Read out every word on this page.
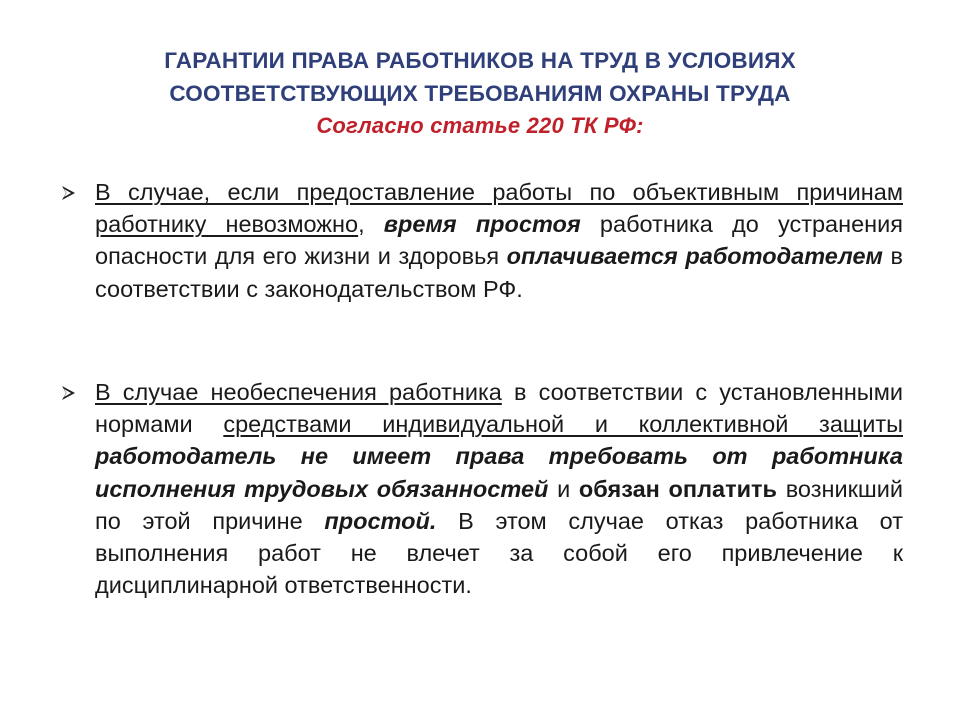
ГАРАНТИИ ПРАВА РАБОТНИКОВ НА ТРУД В УСЛОВИЯХ
СООТВЕТСТВУЮЩИХ ТРЕБОВАНИЯМ ОХРАНЫ ТРУДА
Согласно статье 220 ТК РФ:

В случае, если предоставление работы по объективным причинам работнику невозможно, время простоя работника до устранения опасности для его жизни и здоровья оплачивается работодателем в соответствии с законодательством РФ.

В случае необеспечения работника в соответствии с установленными нормами средствами индивидуальной и коллективной защиты работодатель не имеет права требовать от работника исполнения трудовых обязанностей и обязан оплатить возникший по этой причине простой. В этом случае отказ работника от выполнения работ не влечет за собой его привлечение к дисциплинарной ответственности.
